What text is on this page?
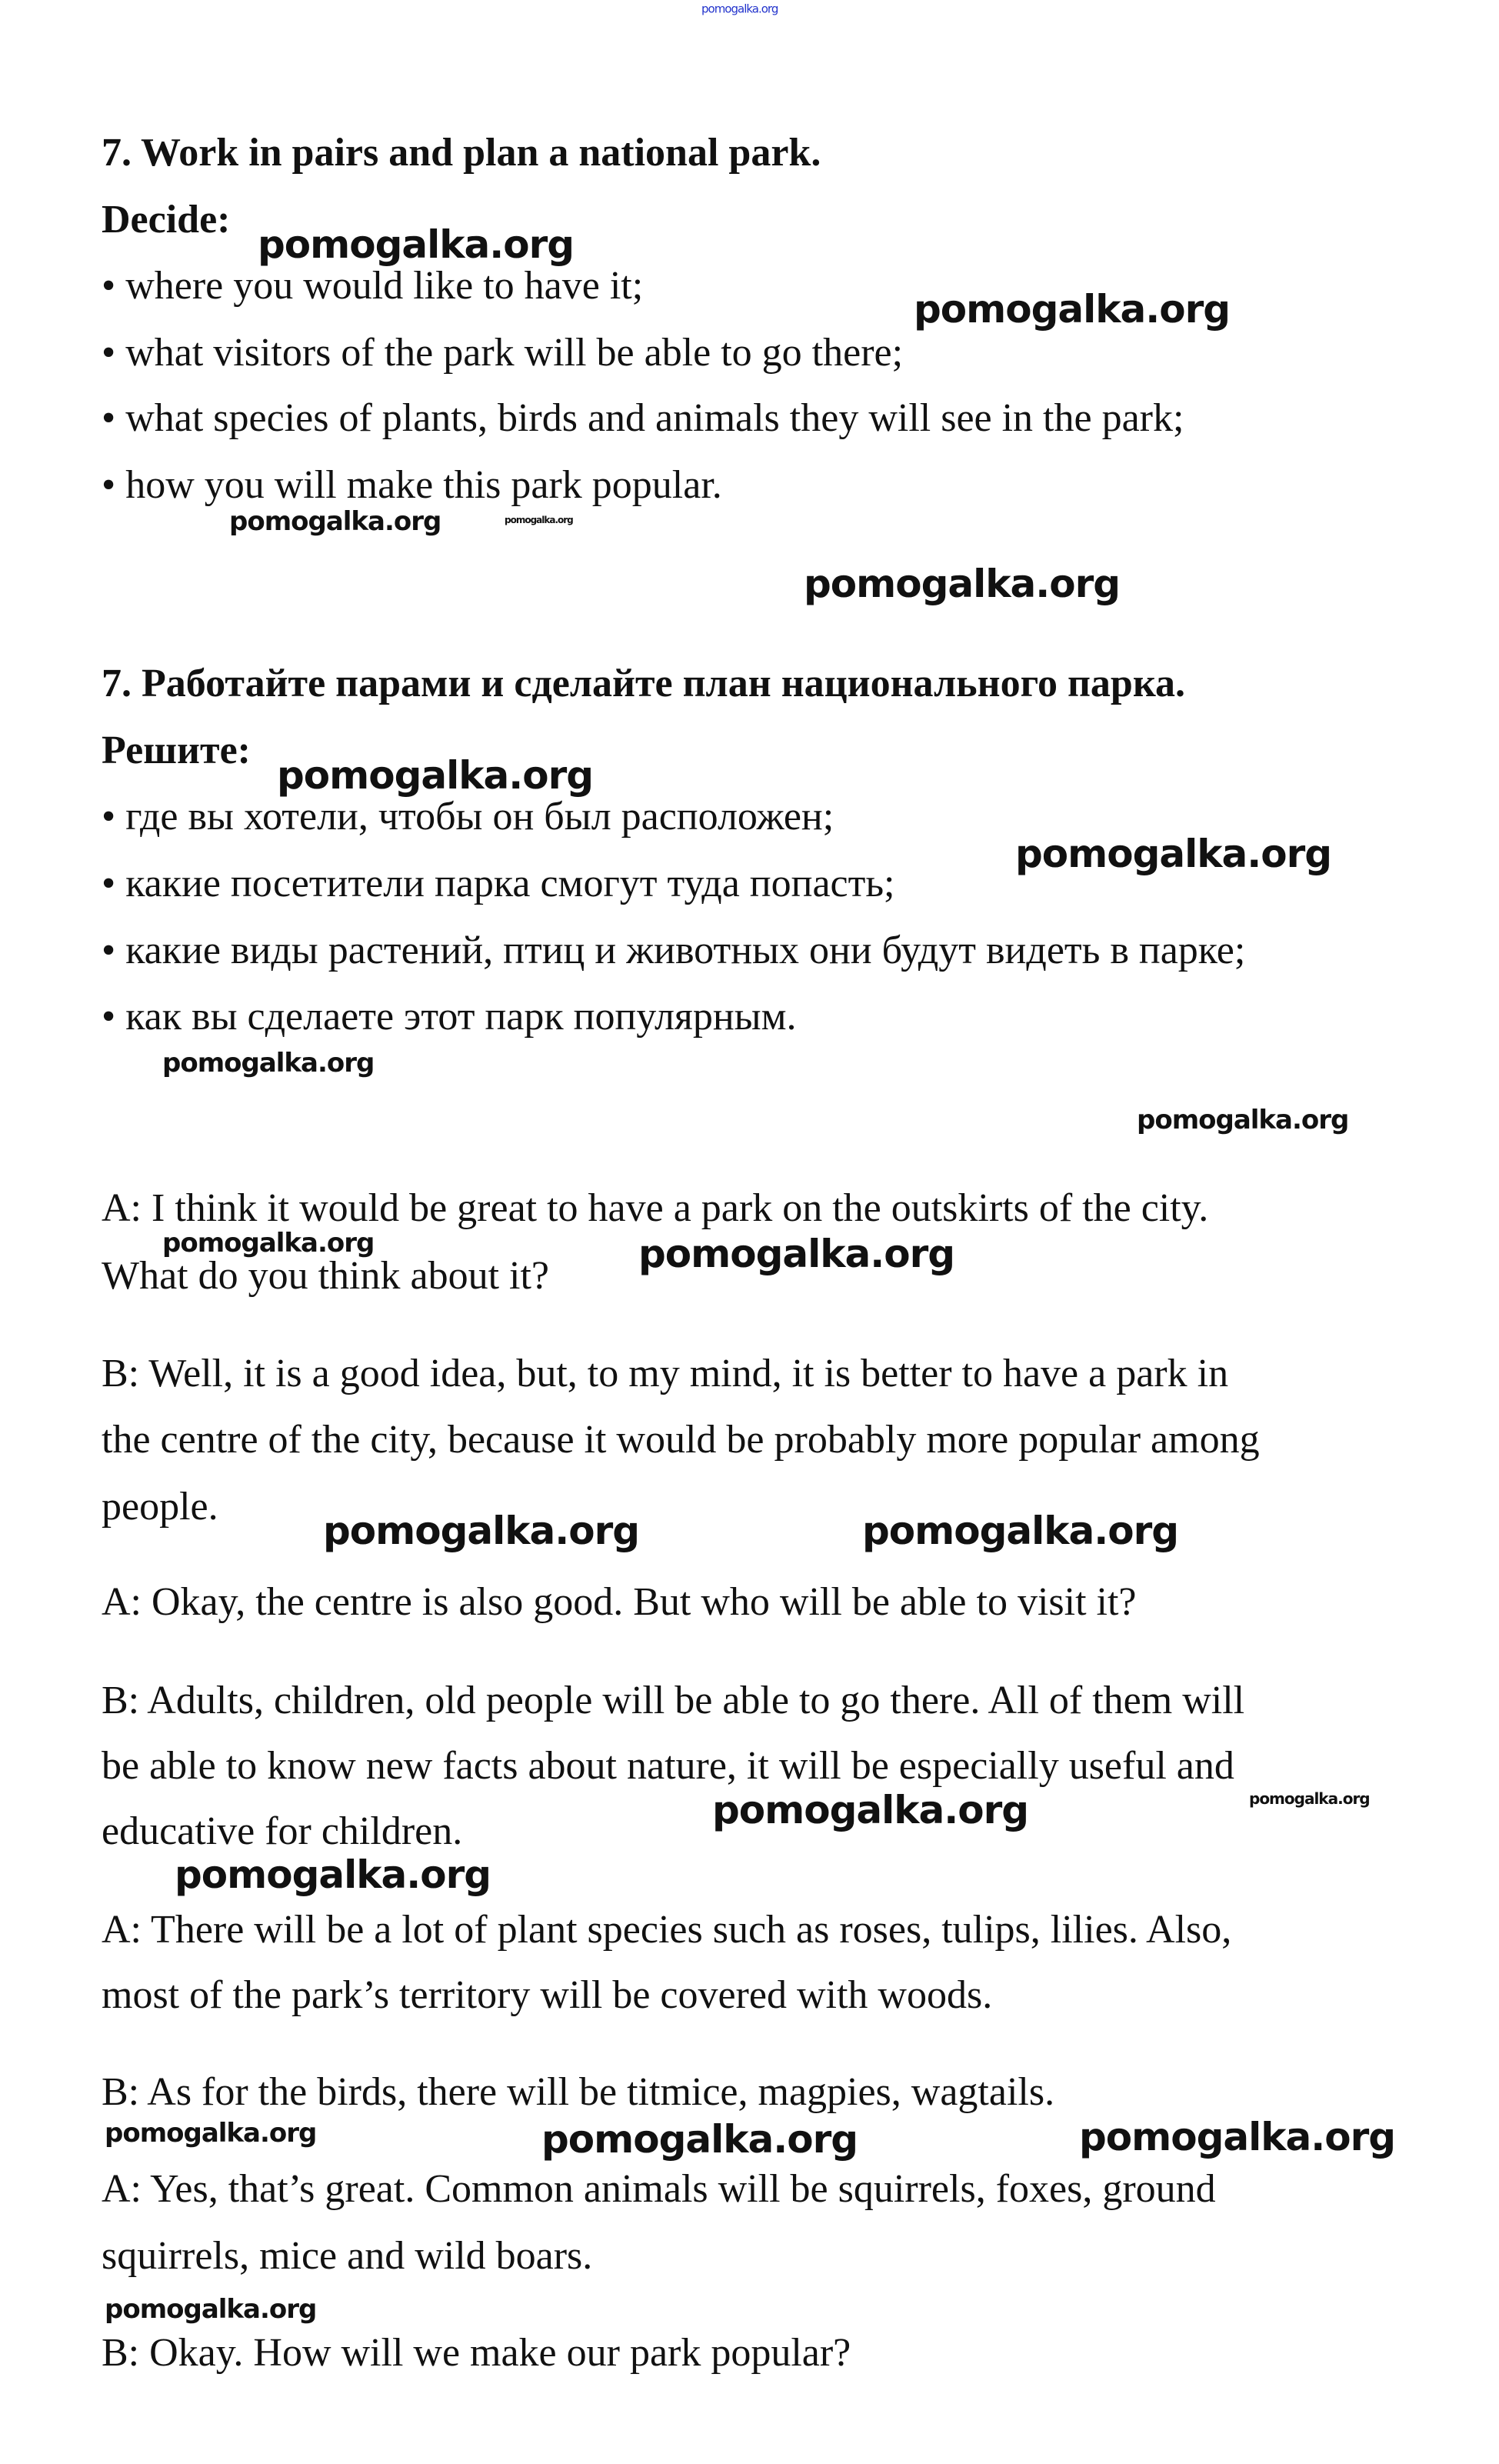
pomogalka.org
7. Work in pairs and plan a national park.
Decide:
• where you would like to have it;
• what visitors of the park will be able to go there;
• what species of plants, birds and animals they will see in the park;
• how you will make this park popular.
7. Работайте парами и сделайте план национального парка.
Решите:
• где вы хотели, чтобы он был расположен;
• какие посетители парка смогут туда попасть;
• какие виды растений, птиц и животных они будут видеть в парке;
• как вы сделаете этот парк популярным.
A: I think it would be great to have a park on the outskirts of the city.
What do you think about it?
B: Well, it is a good idea, but, to my mind, it is better to have a park in
the centre of the city, because it would be probably more popular among
people.
A: Okay, the centre is also good. But who will be able to visit it?
B: Adults, children, old people will be able to go there. All of them will
be able to know new facts about nature, it will be especially useful and
educative for children.
A: There will be a lot of plant species such as roses, tulips, lilies. Also,
most of the park’s territory will be covered with woods.
B: As for the birds, there will be titmice, magpies, wagtails.
A: Yes, that’s great. Common animals will be squirrels, foxes, ground
squirrels, mice and wild boars.
B: Okay. How will we make our park popular?
pomogalka.org
pomogalka.org
pomogalka.org	pomogalka.org
pomogalka.org
pomogalka.org
pomogalka.org
pomogalka.org
pomogalka.org
pomogalka.org	pomogalka.org
pomogalka.org	pomogalka.org
pomogalka.org	pomogalka.org
pomogalka.org
pomogalka.org	pomogalka.org	pomogalka.org
pomogalka.org
